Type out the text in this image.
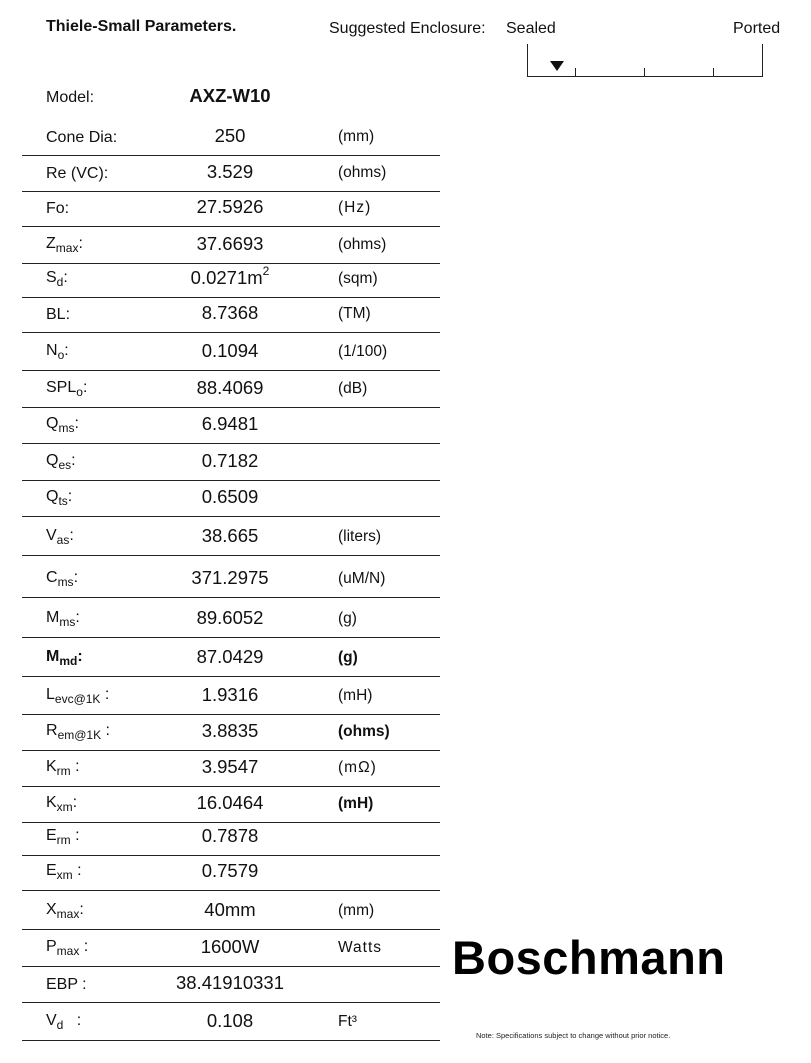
Thiele-Small Parameters.	Suggested Enclosure: Sealed	Ported
Model:	AXZ-W10
Cone Dia:	250	(mm)
Re (VC):	3.529	(ohms)
Fo:	27.5926	(Hz)
$Z_{max}$:	37.6693	(ohms)
$S_d$:	$0.0271m^2$	(sqm)
BL:	8.7368	(TM)
$N_o$:	0.1094	(1/100)
$SPL_o$:	88.4069	(dB)
$Q_{ms}$:	6.9481
$Q_{es}$:	0.7182
$Q_{ts}$:	0.6509
$V_{as}$:	38.665	(liters)
$C_{ms}$:	371.2975	(uM/N)
$M_{ms}$:	89.6052	(g)
$M_{md}$:	87.0429	(g)
$L_{evc@1K}$ :	1.9316	(mH)
$R_{em@1K}$ :	3.8835	(ohms)
$K_{rm}$ :	3.9547	(mΩ)
$K_{xm}$:	16.0464	(mH)
$E_{rm}$ :	0.7878
$E_{xm}$ :	0.7579
$X_{max}$:	40mm	(mm)
$P_{max}$ :	1600W	Watts
EBP :	38.41910331
$V_d$   :	0.108	Ft³
Boschmann
Note: Specifications subject to change without prior notice.
